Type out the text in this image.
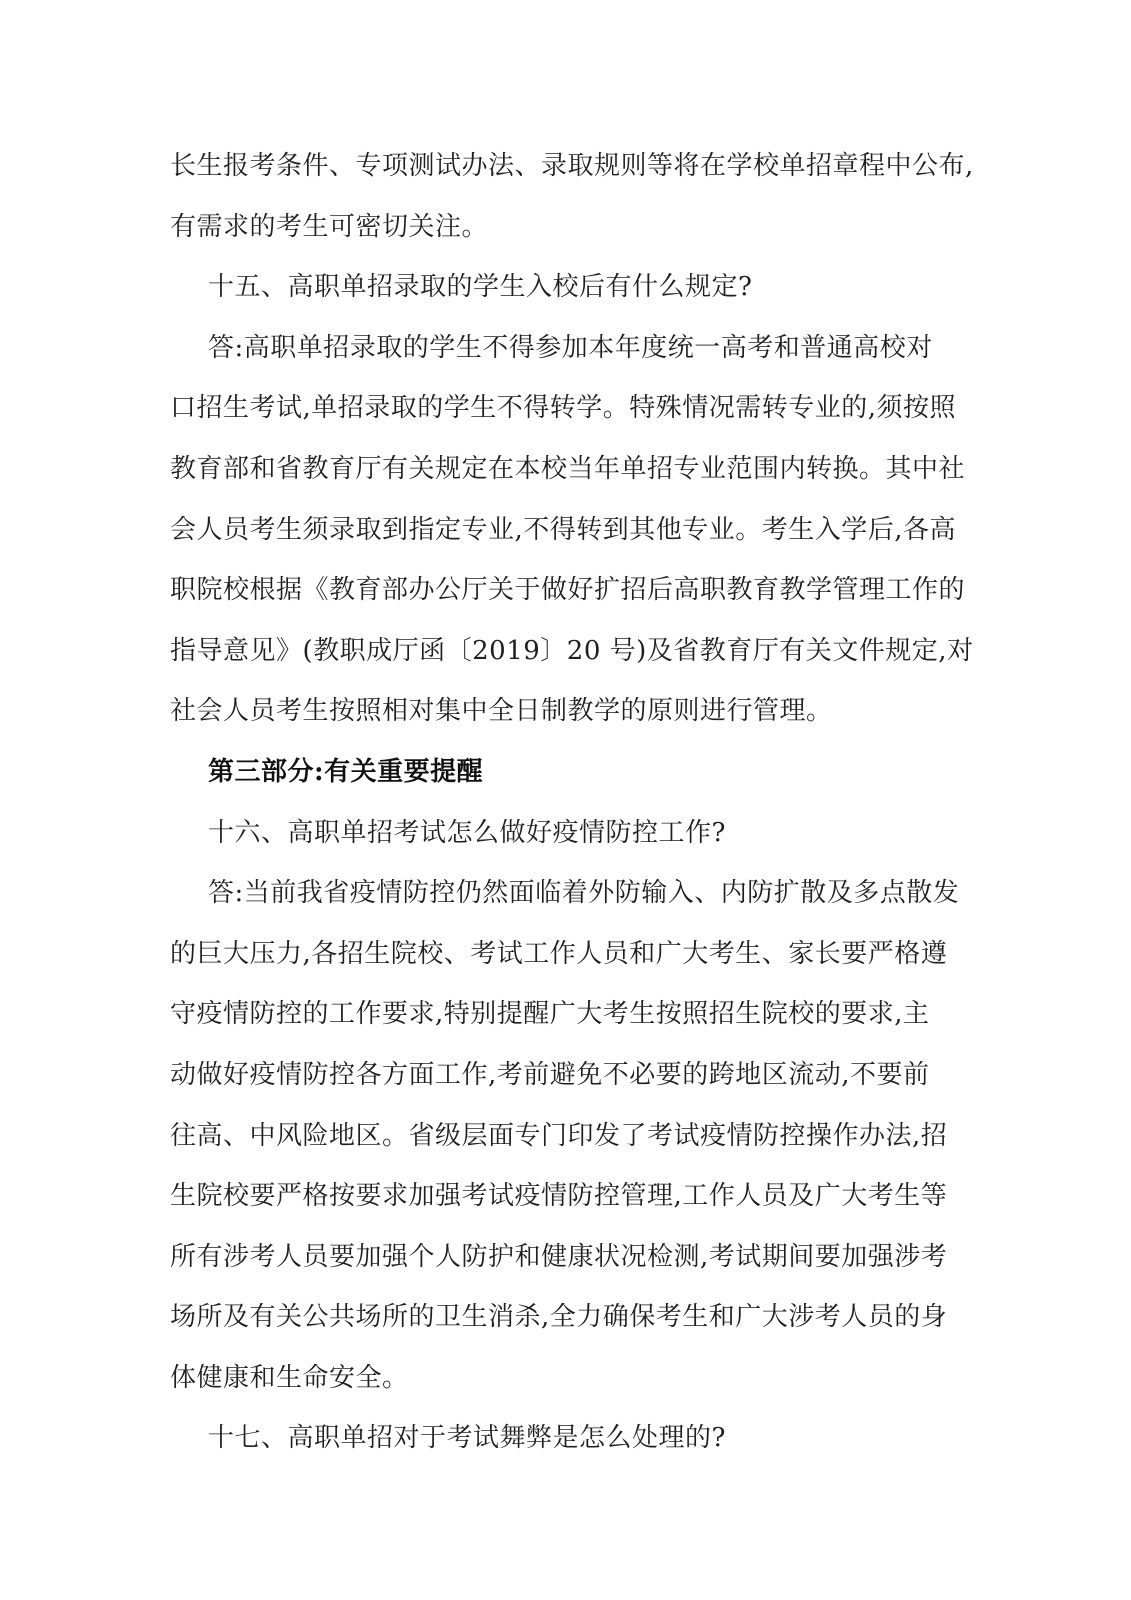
长生报考条件、专项测试办法、录取规则等将在学校单招章程中公布,
有需求的考生可密切关注。
十五、高职单招录取的学生入校后有什么规定?
答:高职单招录取的学生不得参加本年度统一高考和普通高校对
口招生考试,单招录取的学生不得转学。特殊情况需转专业的,须按照
教育部和省教育厅有关规定在本校当年单招专业范围内转换。其中社
会人员考生须录取到指定专业,不得转到其他专业。考生入学后,各高
职院校根据《教育部办公厅关于做好扩招后高职教育教学管理工作的
指导意见》(教职成厅函〔2019〕20 号)及省教育厅有关文件规定,对
社会人员考生按照相对集中全日制教学的原则进行管理。
第三部分:有关重要提醒
十六、高职单招考试怎么做好疫情防控工作?
答:当前我省疫情防控仍然面临着外防输入、内防扩散及多点散发
的巨大压力,各招生院校、考试工作人员和广大考生、家长要严格遵
守疫情防控的工作要求,特别提醒广大考生按照招生院校的要求,主
动做好疫情防控各方面工作,考前避免不必要的跨地区流动,不要前
往高、中风险地区。省级层面专门印发了考试疫情防控操作办法,招
生院校要严格按要求加强考试疫情防控管理,工作人员及广大考生等
所有涉考人员要加强个人防护和健康状况检测,考试期间要加强涉考
场所及有关公共场所的卫生消杀,全力确保考生和广大涉考人员的身
体健康和生命安全。
十七、高职单招对于考试舞弊是怎么处理的?
